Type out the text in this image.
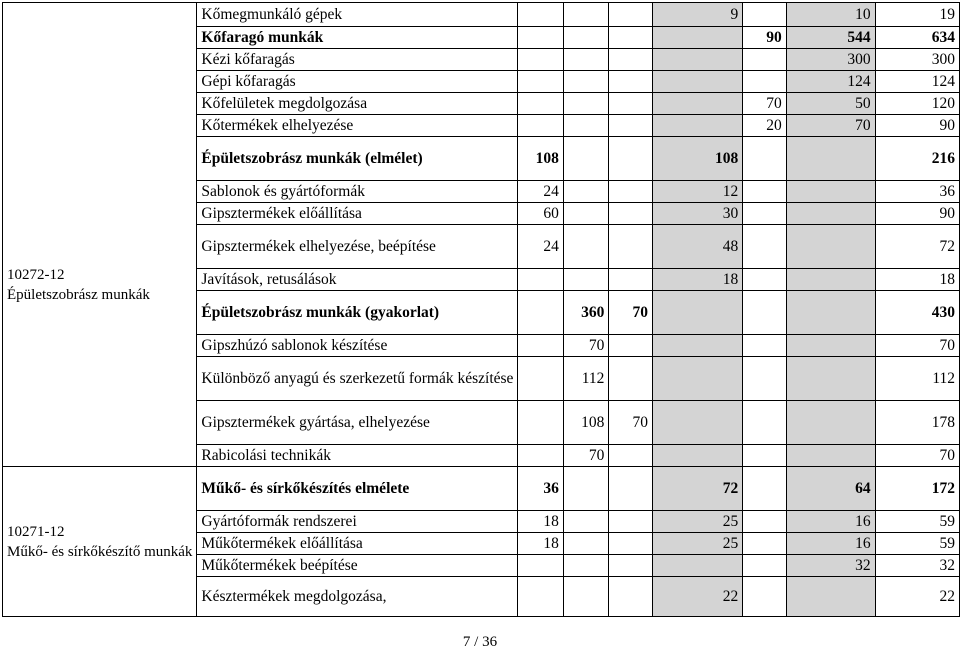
10272-12
Épületszobrász munkák	Kőmegmunkáló gépek				9		10	19
	Kőfaragó munkák					90	544	634
	Kézi kőfaragás						300	300
	Gépi kőfaragás						124	124
	Kőfelületek megdolgozása					70	50	120
	Kőtermékek elhelyezése					20	70	90
	Épületszobrász munkák (elmélet)	108			108			216
	Sablonok és gyártóformák	24			12			36
	Gipsztermékek előállítása	60			30			90
	Gipsztermékek elhelyezése, beépítése	24			48			72
	Javítások, retusálások				18			18
	Épületszobrász munkák (gyakorlat)		360	70				430
	Gipszhúzó sablonok készítése		70					70
	Különböző anyagú és szerkezetű formák készítése		112					112
	Gipsztermékek gyártása, elhelyezése		108	70				178
	Rabicolási technikák		70					70

10271-12
Műkő- és sírkőkészítő munkák	Műkő- és sírkőkészítés elmélete	36			72		64	172
	Gyártóformák rendszerei	18			25		16	59
	Műkőtermékek előállítása	18			25		16	59
	Műkőtermékek beépítése						32	32
	Késztermékek megdolgozása,				22			22
7 / 36
